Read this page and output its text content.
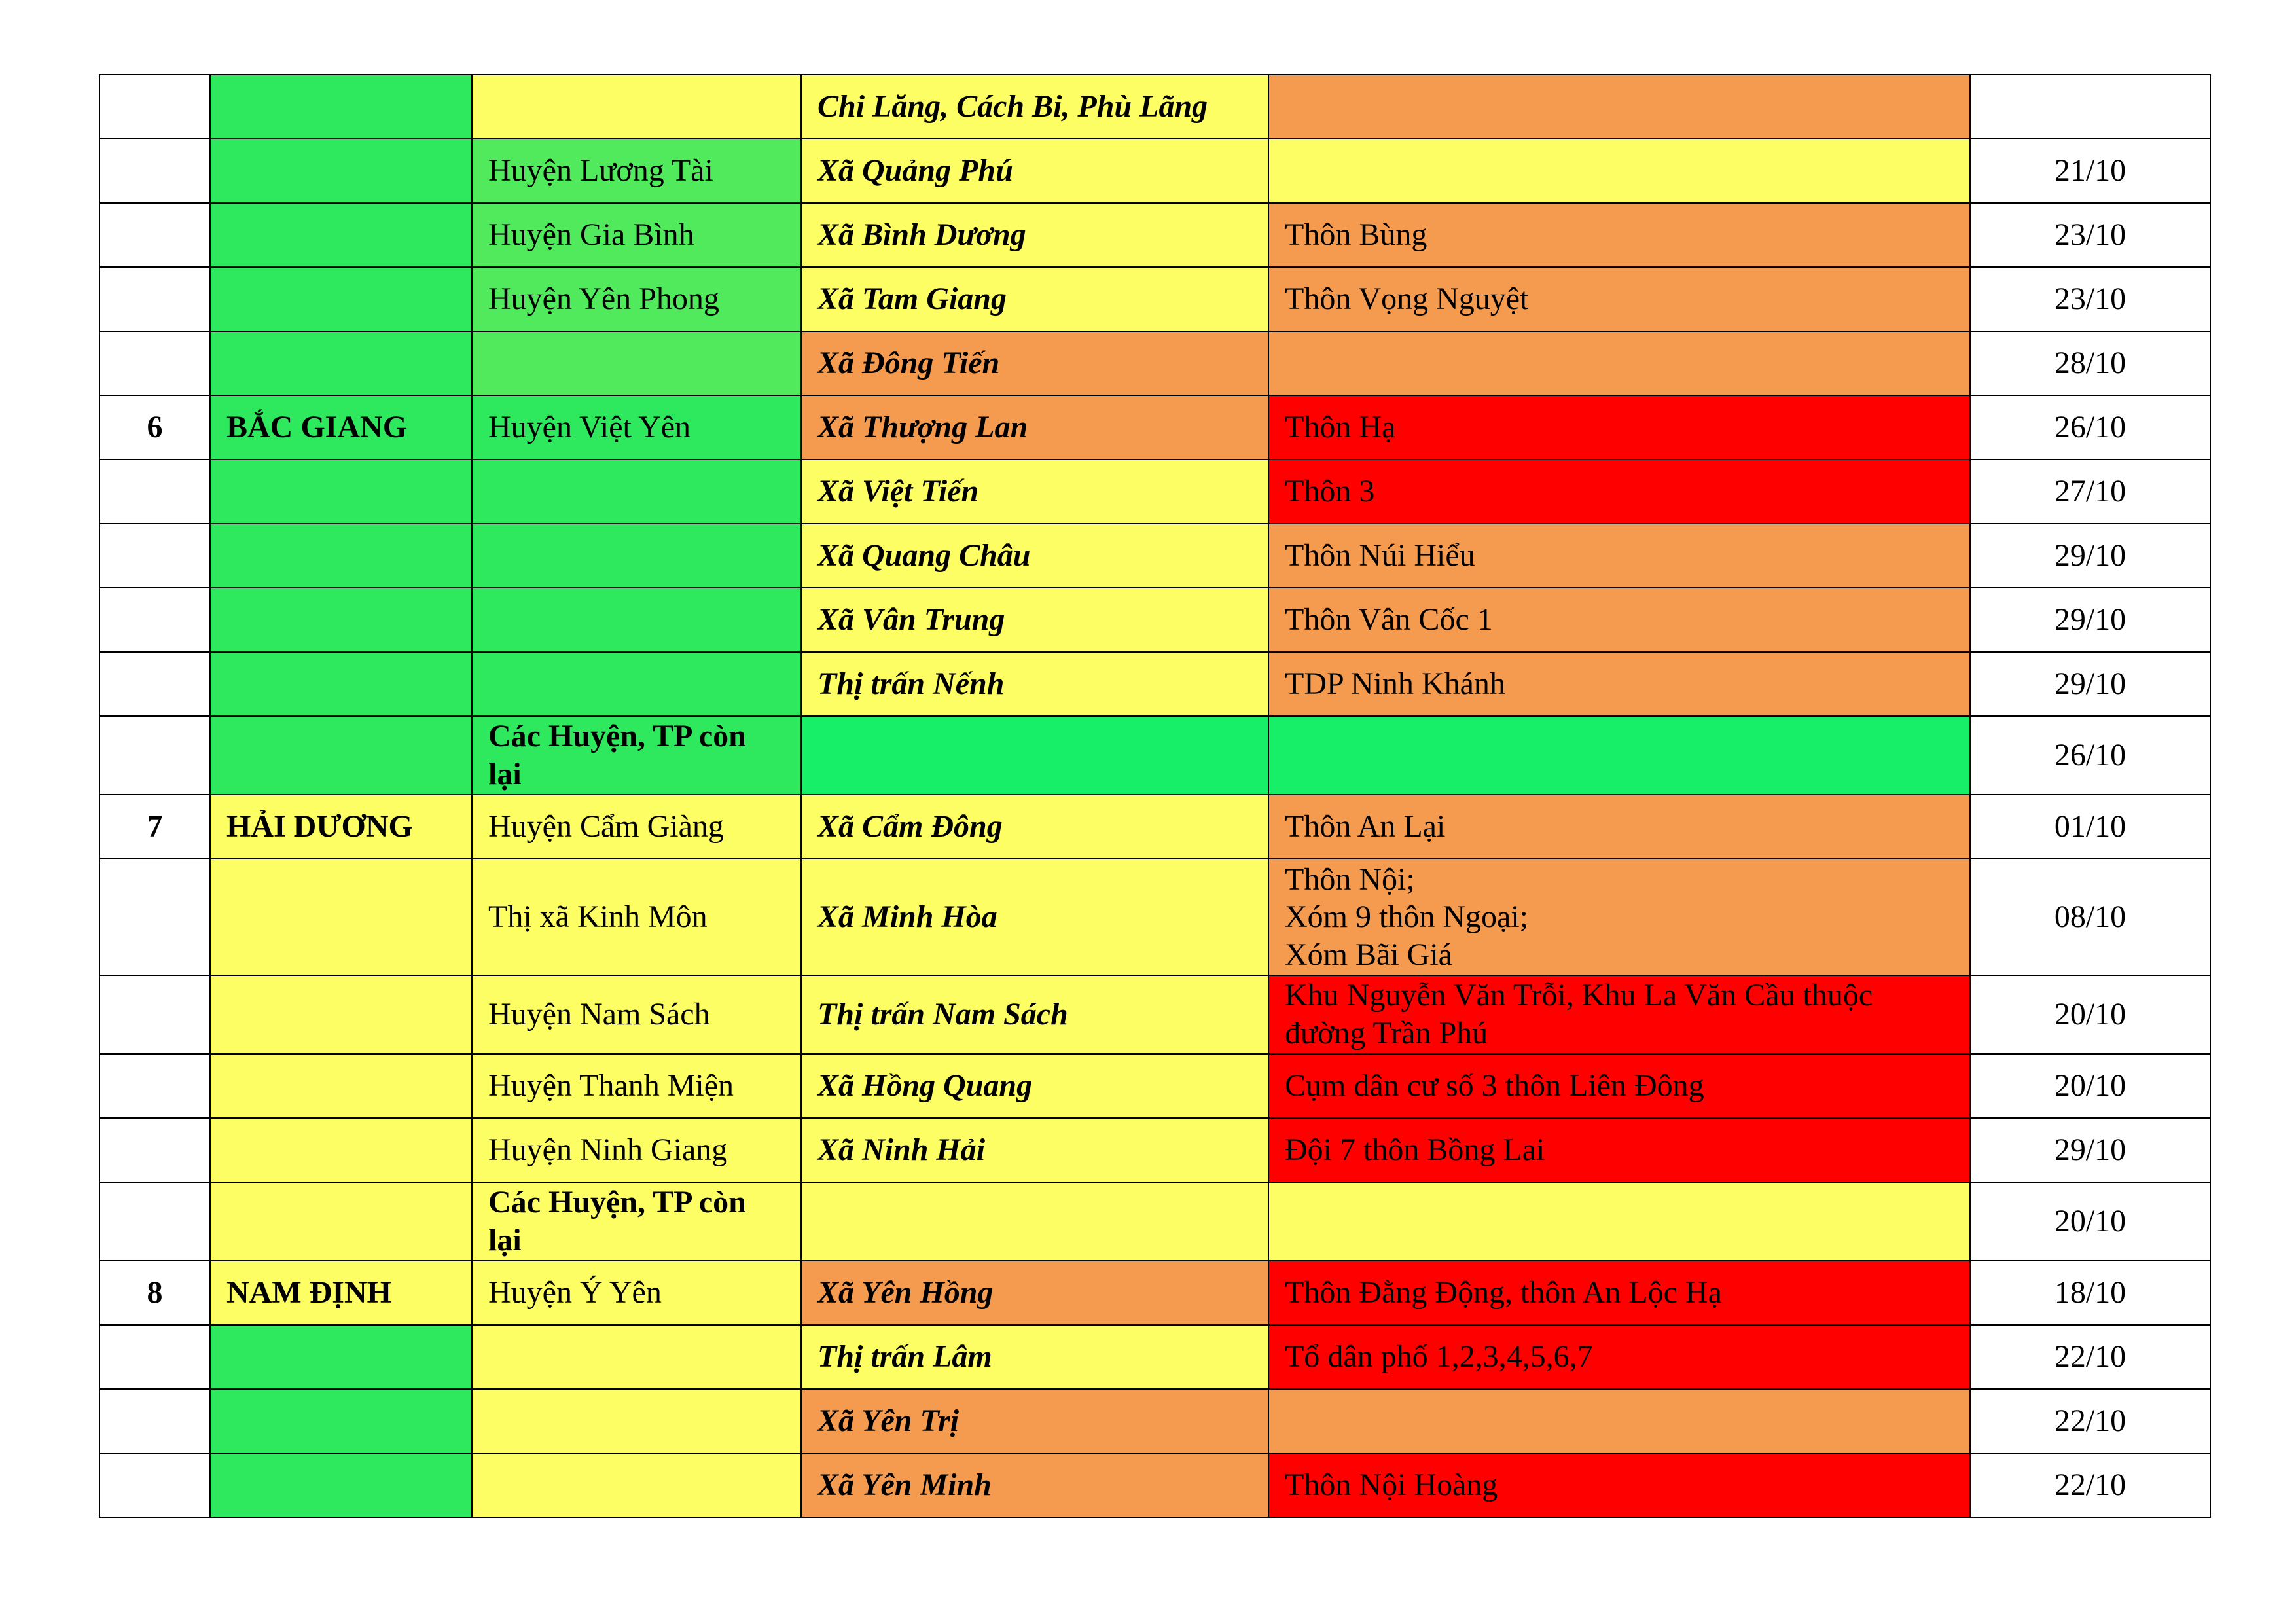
			Chi Lăng, Cách Bi, Phù Lãng		
		Huyện Lương Tài	Xã Quảng Phú		21/10
		Huyện Gia Bình	Xã Bình Dương	Thôn Bùng	23/10
		Huyện Yên Phong	Xã Tam Giang	Thôn Vọng Nguyệt	23/10
			Xã Đông Tiến		28/10
6	BẮC GIANG	Huyện Việt Yên	Xã Thượng Lan	Thôn Hạ	26/10
			Xã Việt Tiến	Thôn 3	27/10
			Xã Quang Châu	Thôn Núi Hiểu	29/10
			Xã Vân Trung	Thôn Vân Cốc 1	29/10
			Thị trấn Nếnh	TDP Ninh Khánh	29/10
		Các Huyện, TP còn lại			26/10
7	HẢI DƯƠNG	Huyện Cẩm Giàng	Xã Cẩm Đông	Thôn An Lại	01/10
		Thị xã Kinh Môn	Xã Minh Hòa	Thôn Nội;
Xóm 9 thôn Ngoại;
Xóm Bãi Giá	08/10
		Huyện Nam Sách	Thị trấn Nam Sách	Khu Nguyễn Văn Trỗi, Khu La Văn Cầu thuộc đường Trần Phú	20/10
		Huyện Thanh Miện	Xã Hồng Quang	Cụm dân cư số 3 thôn Liên Đông	20/10
		Huyện Ninh Giang	Xã Ninh Hải	Đội 7 thôn Bồng Lai	29/10
		Các Huyện, TP còn lại			20/10
8	NAM ĐỊNH	Huyện Ý Yên	Xã Yên Hồng	Thôn Đằng Động, thôn An Lộc Hạ	18/10
			Thị trấn Lâm	Tổ dân phố 1,2,3,4,5,6,7	22/10
			Xã Yên Trị		22/10
			Xã Yên Minh	Thôn Nội Hoàng	22/10
